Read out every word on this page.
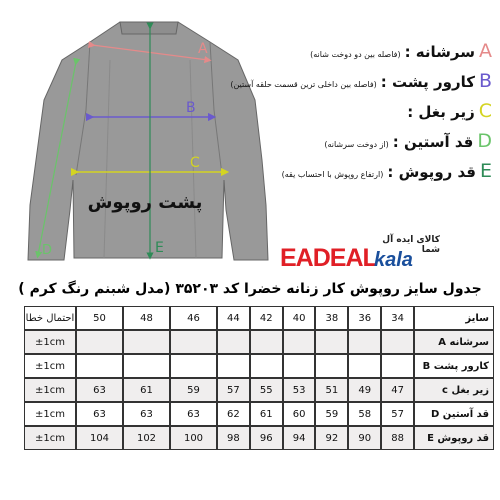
A
B
C
D	E
پشت روپوش
A
سرشانه :
(فاصله بین دو دوخت شانه)
B
کارور پشت :
(فاصله بین داخلی ترین قسمت حلقه آستین)
C
زیر بغل :
D
قد آستین :
(از دوخت سرشانه)
E
قد روپوش :
(ارتفاع روپوش با احتساب یقه)
کالای ایده آل شما
EADEAL
kala
جدول سایز روپوش کار زنانه خضرا کد ۳۵۲۰۳ (مدل شبنم رنگ کرم )
احتمال خطا	50	48	46	44	42	40	38	36	34	سایز
±1cm										سرشانه A
±1cm										کارور پشت B
±1cm	63	61	59	57	55	53	51	49	47	زیر بغل c
±1cm	63	63	63	62	61	60	59	58	57	قد آستین D
±1cm	104	102	100	98	96	94	92	90	88	قد روپوش E
